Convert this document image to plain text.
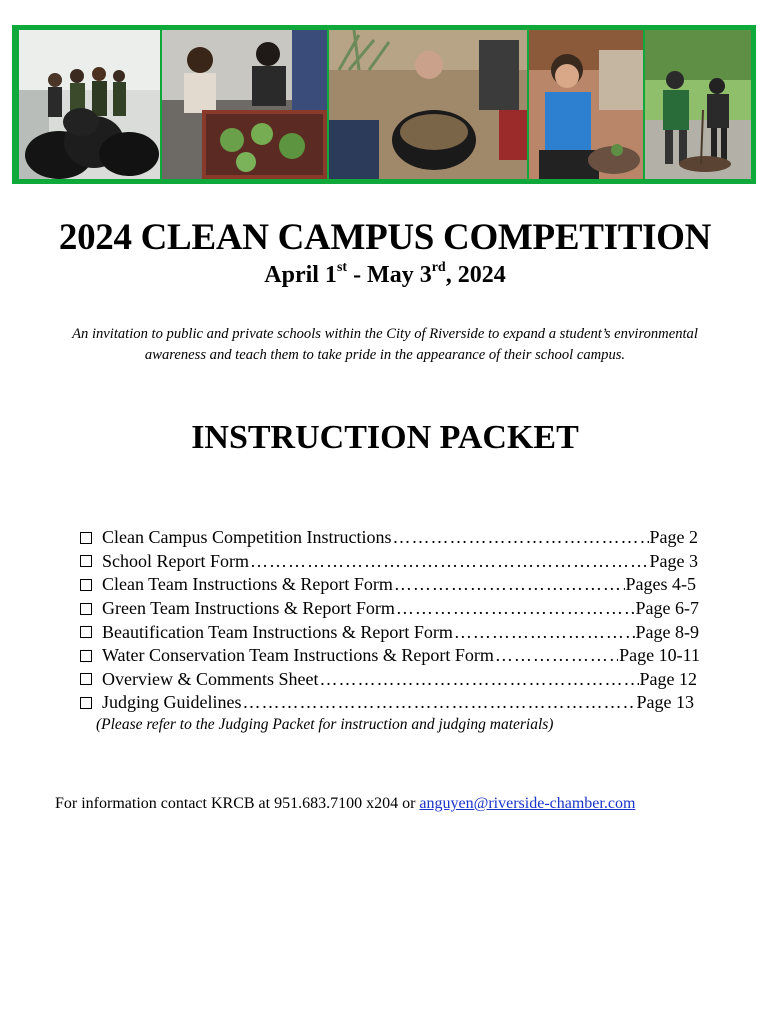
2024 CLEAN CAMPUS COMPETITION
April 1st - May 3rd, 2024
An invitation to public and private schools within the City of Riverside to expand a student’s environmental awareness and teach them to take pride in the appearance of their school campus.
INSTRUCTION PACKET
Clean Campus Competition Instructions …………………………………………………………………………………………………………	Page 2
School Report Form …………………………………………………………………………………………………………	Page 3
Clean Team Instructions & Report Form …………………………………………………………………………………………………………	Pages 4-5
Green Team Instructions & Report Form …………………………………………………………………………………………………………	Page 6-7
Beautification Team Instructions & Report Form …………………………………………………………………………………………………………	Page 8-9
Water Conservation Team Instructions & Report Form …………………………………………………………………………………………………………	Page 10-11
Overview & Comments Sheet …………………………………………………………………………………………………………	Page 12
Judging Guidelines …………………………………………………………………………………………………………	Page 13
(Please refer to the Judging Packet for instruction and judging materials)
For information contact KRCB at 951.683.7100 x204 or anguyen@riverside-chamber.com
